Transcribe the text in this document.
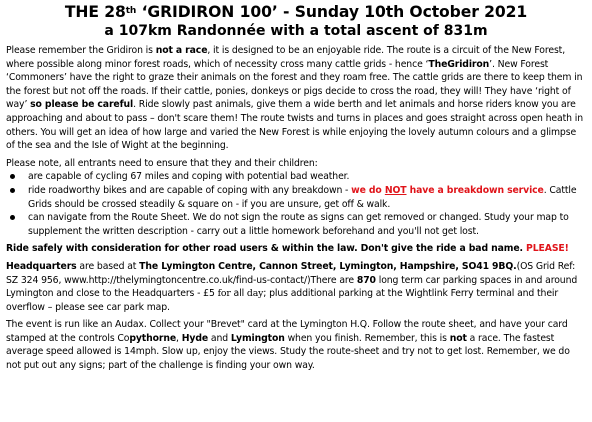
THE 28th ‘GRIDIRON 100’ - Sunday 10th October 2021
a 107km Randonnée with a total ascent of 831m

Please remember the Gridiron is not a race, it is designed to be an enjoyable ride. The route is a circuit of the New Forest, where possible along minor forest roads, which of necessity cross many cattle grids - hence ‘TheGridiron’. New Forest ‘Commoners’ have the right to graze their animals on the forest and they roam free. The cattle grids are there to keep them in the forest but not off the roads. If their cattle, ponies, donkeys or pigs decide to cross the road, they will! They have ‘right of way’ so please be careful. Ride slowly past animals, give them a wide berth and let animals and horse riders know you are approaching and about to pass – don't scare them! The route twists and turns in places and goes straight across open heath in others. You will get an idea of how large and varied the New Forest is while enjoying the lovely autumn colours and a glimpse of the sea and the Isle of Wight at the beginning.

Please note, all entrants need to ensure that they and their children:

are capable of cycling 67 miles and coping with potential bad weather.
ride roadworthy bikes and are capable of coping with any breakdown - we do NOT have a breakdown service. Cattle Grids should be crossed steadily & square on - if you are unsure, get off & walk.
can navigate from the Route Sheet. We do not sign the route as signs can get removed or changed. Study your map to supplement the written description - carry out a little homework beforehand and you'll not get lost.

Ride safely with consideration for other road users & within the law. Don't give the ride a bad name. PLEASE!

Headquarters are based at The Lymington Centre, Cannon Street, Lymington, Hampshire, SO41 9BQ.(OS Grid Ref: SZ 324 956, www.http://thelymingtoncentre.co.uk/find-us-contact/)There are 870 long term car parking spaces in and around Lymington and close to the Headquarters - £5 for all day; plus additional parking at the Wightlink Ferry terminal and their overflow – please see car park map.

The event is run like an Audax. Collect your "Brevet" card at the Lymington H.Q. Follow the route sheet, and have your card stamped at the controls Copythorne, Hyde and Lymington when you finish. Remember, this is not a race. The fastest average speed allowed is 14mph. Slow up, enjoy the views. Study the route-sheet and try not to get lost. Remember, we do not put out any signs; part of the challenge is finding your own way.
